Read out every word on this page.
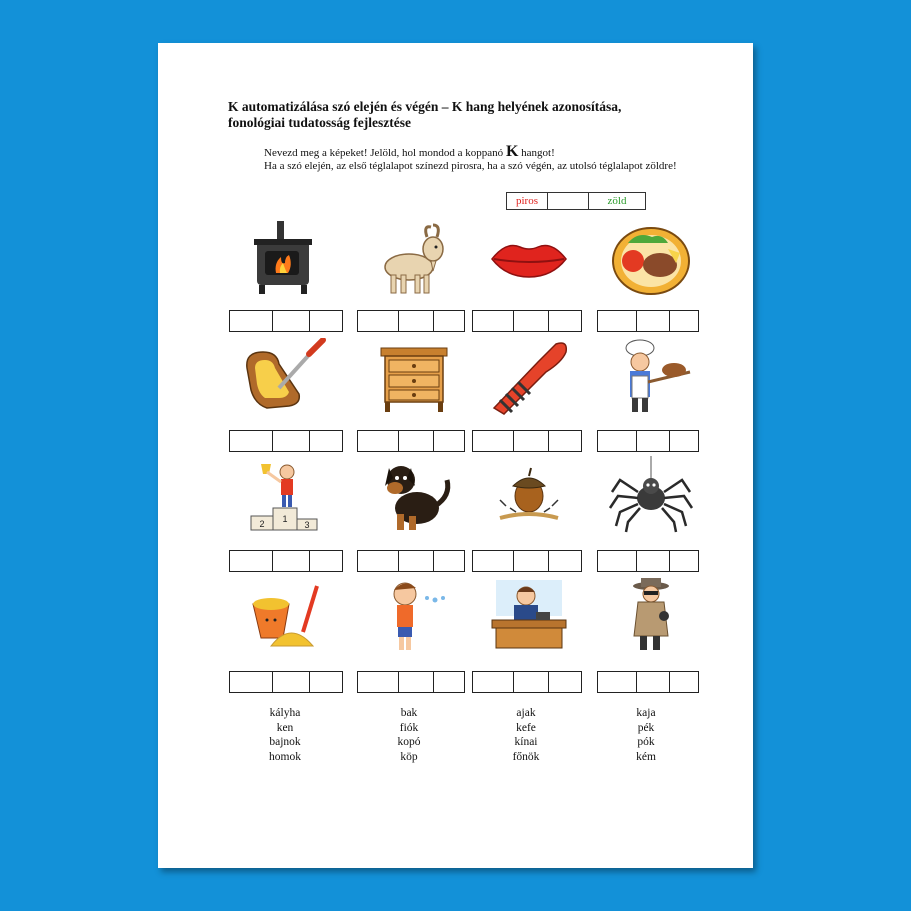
K automatizálása szó elején és végén – K hang helyének azonosítása, fonológiai tudatosság fejlesztése

Nevezd meg a képeket! Jelöld, hol mondod a koppanó K hangot!
Ha a szó elején, az első téglalapot színezd pirosra, ha a szó végén, az utolsó téglalapot zöldre!
piros	zöld
1
2	3
kályha
ken
bajnok
homok
bak
fiók
kopó
köp
ajak
kefe
kínai
főnök
kaja
pék
pók
kém
